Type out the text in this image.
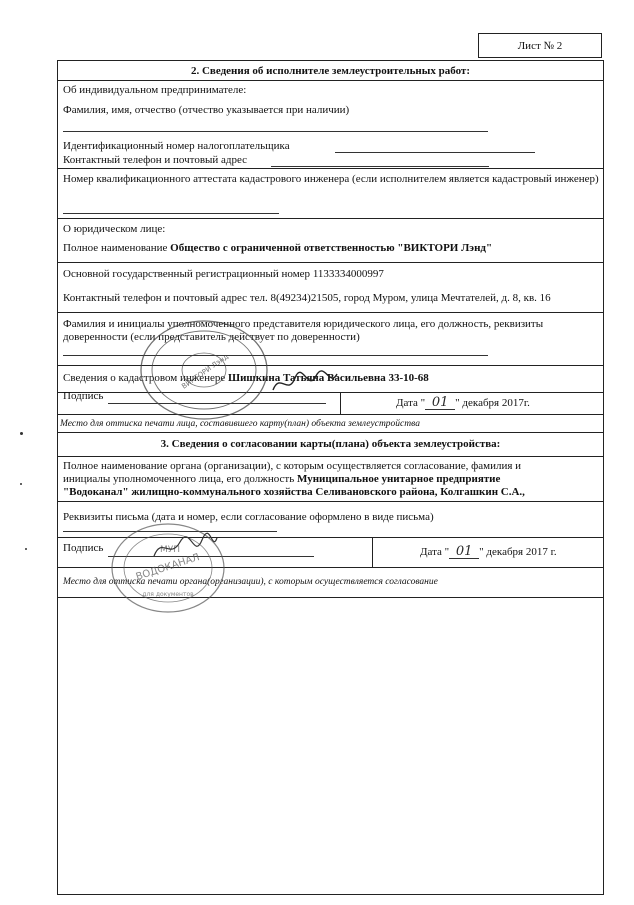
Лист № 2
2. Сведения об исполнителе землеустроительных работ:
Об индивидуальном предпринимателе:
Фамилия, имя, отчество (отчество указывается при наличии)
Идентификационный номер налогоплательщика
Контактный телефон и почтовый адрес
Номер квалификационного аттестата кадастрового инженера (если исполнителем является кадастровый инженер)
О юридическом лице:
Полное наименование Общество с ограниченной ответственностью "ВИКТОРИ Лэнд"
Основной государственный регистрационный номер 1133334000997
Контактный телефон и почтовый адрес тел. 8(49234)21505, город Муром, улица Мечтателей, д. 8, кв. 16
Фамилия и инициалы уполномоченного представителя юридического лица, его должность, реквизиты доверенности (если представитель действует по доверенности)
Сведения о кадастровом инженере Шишкина Татьяна Васильевна 33-10-68
Подпись
Дата " 01 " декабря 2017г.
Место для оттиска печати лица, составившего карту(план) объекта землеустройства
3. Сведения о согласовании карты(плана) объекта землеустройства:
Полное наименование органа (организации), с которым осуществляется согласование, фамилия и
инициалы уполномоченного лица, его должность Муниципальное унитарное предприятие
"Водоканал" жилищно-коммунального хозяйства Селивановского района, Колгашкин С.А.,
Реквизиты письма (дата и номер, если согласование оформлено в виде письма)
Подпись	Дата " 01 " декабря 2017 г.
Место для оттиска печати органа(организации), с которым осуществляется согласование
ВИКТОРИ Лэнд
МУП
ВОДОКАНАЛ
для документов
